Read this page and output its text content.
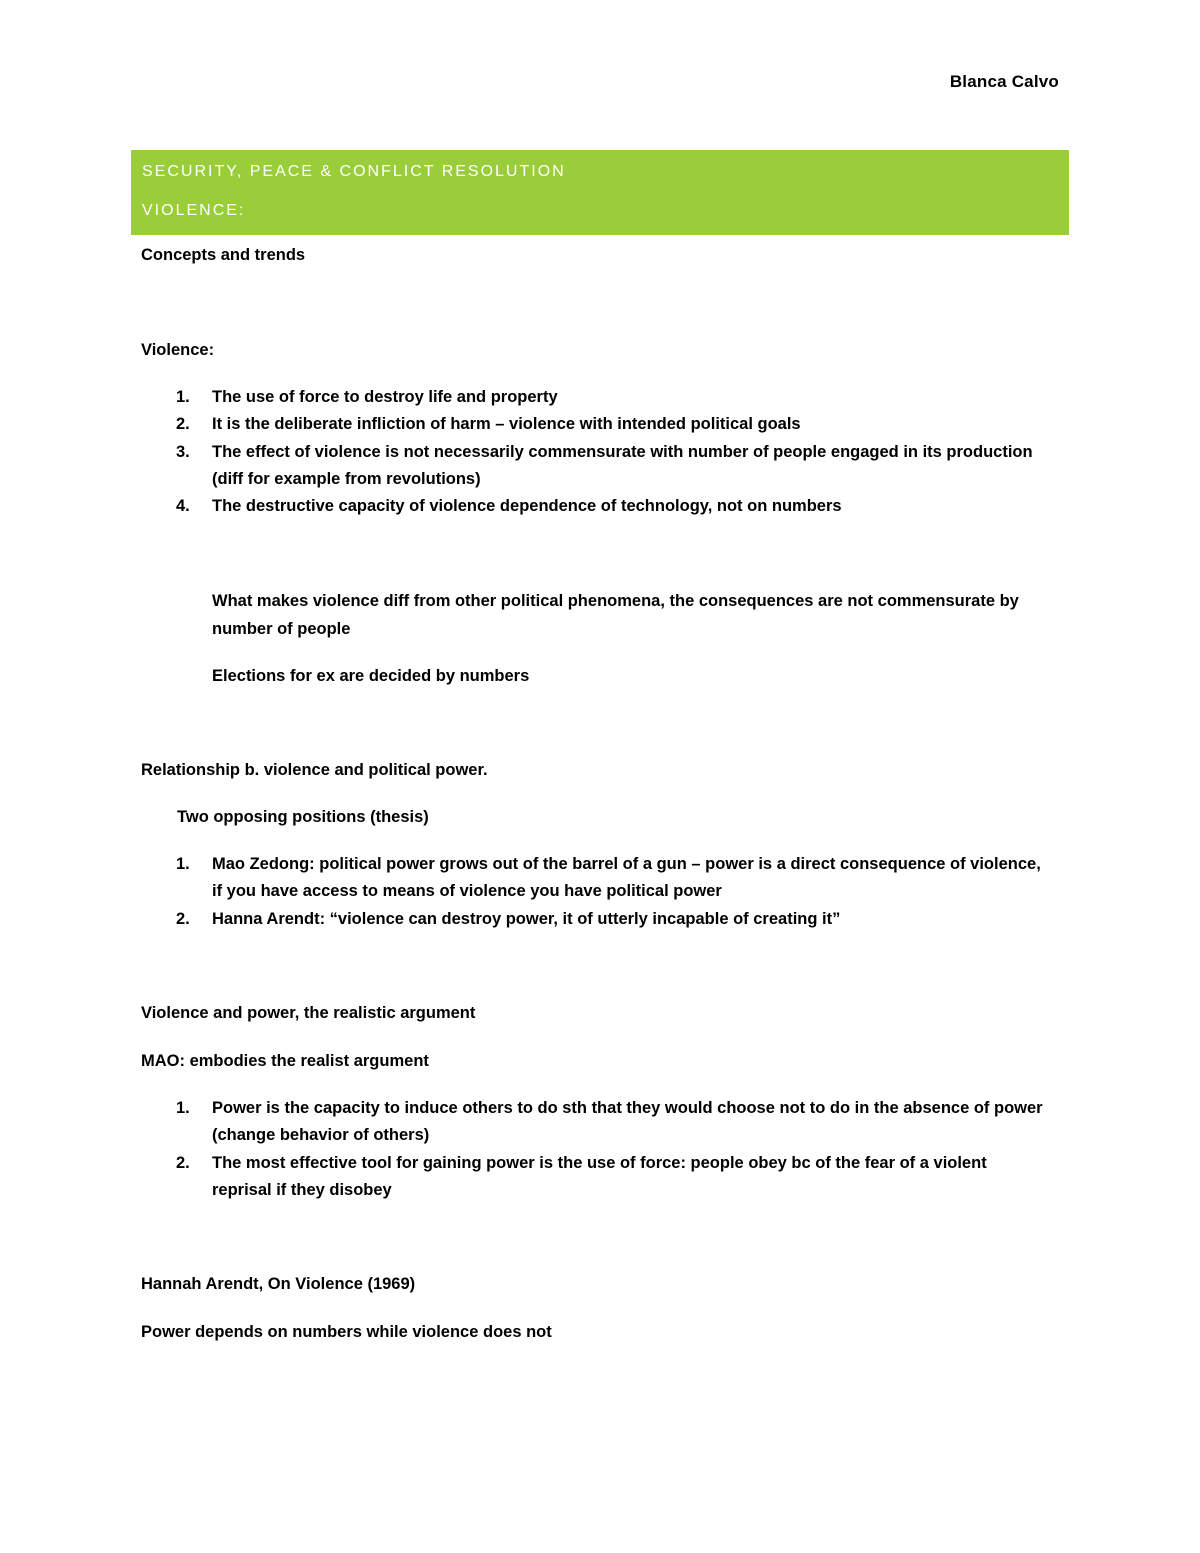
Blanca Calvo
SECURITY, PEACE & CONFLICT RESOLUTION
VIOLENCE:
Concepts and trends
Violence:
1. The use of force to destroy life and property
2. It is the deliberate infliction of harm – violence with intended political goals
3. The effect of violence is not necessarily commensurate with number of people engaged in its production
(diff for example from revolutions)
4. The destructive capacity of violence dependence of technology, not on numbers
What makes violence diff from other political phenomena, the consequences are not commensurate by
number of people
Elections for ex are decided by numbers
Relationship b. violence and political power.
Two opposing positions (thesis)
1. Mao Zedong: political power grows out of the barrel of a gun – power is a direct consequence of violence,
if you have access to means of violence you have political power
2. Hanna Arendt: “violence can destroy power, it of utterly incapable of creating it”
Violence and power, the realistic argument
MAO: embodies the realist argument
1. Power is the capacity to induce others to do sth that they would choose not to do in the absence of power
(change behavior of others)
2. The most effective tool for gaining power is the use of force: people obey bc of the fear of a violent
reprisal if they disobey
Hannah Arendt, On Violence (1969)
Power depends on numbers while violence does not
